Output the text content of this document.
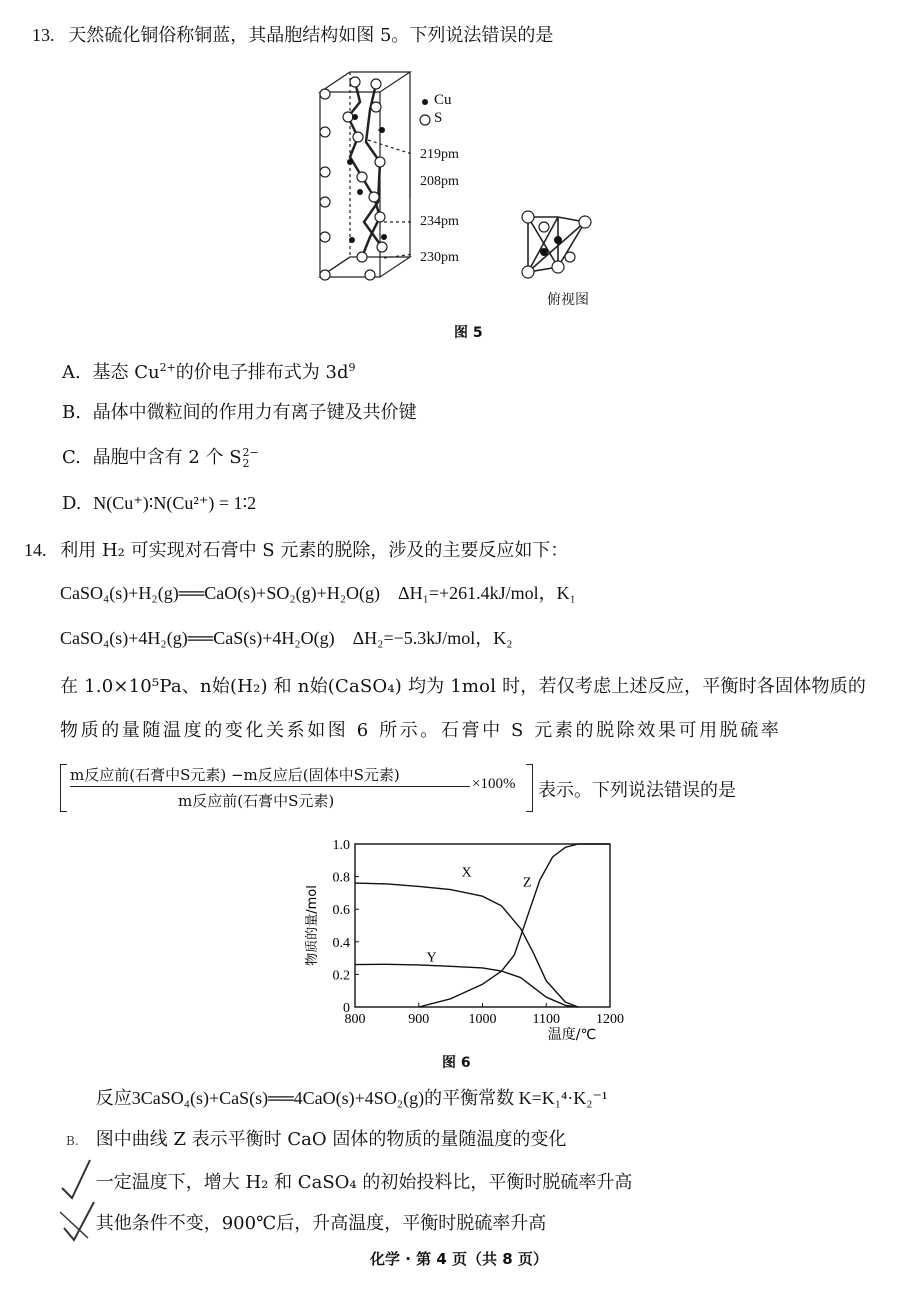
13. 天然硫化铜俗称铜蓝，其晶胞结构如图 5。下列说法错误的是
Cu
S
219pm
208pm
234pm
230pm
俯视图
图 5
A. 基态 $Cu^{2+}$的价电子排布式为 $3d^9$
B. 晶体中微粒间的作用力有离子键及共价键
C. 晶胞中含有 2 个 S 2−
2
D. N(Cu⁺)∶N(Cu²⁺) = 1∶2
14. 利用 H₂ 可实现对石膏中 S 元素的脱除，涉及的主要反应如下：
CaSO₄(s)+H₂(g)══CaO(s)+SO₂(g)+H₂O(g)　ΔH₁=+261.4kJ/mol，K₁
CaSO₄(s)+4H₂(g)══CaS(s)+4H₂O(g)　ΔH₂=−5.3kJ/mol，K₂
在 1.0×10⁵Pa、n始(H₂) 和 n始(CaSO₄) 均为 1mol 时，若仅考虑上述反应，平衡时各固体物质的
物质的量随温度的变化关系如图 6 所示。石膏中 S 元素的脱除效果可用脱硫率
m反应前(石膏中S元素) −m反应后(固体中S元素)
m反应前(石膏中S元素)
×100% 表示。下列说法错误的是
800	900	1000	1100	1200
0
0.2
0.4
0.6
0.8
1.0
温度/℃
物质的量/mol
X
Y
Z
图 6
反应3CaSO₄(s)+CaS(s)══4CaO(s)+4SO₂(g)的平衡常数 K=K₁⁴·K₂⁻¹
B. 图中曲线 Z 表示平衡时 CaO 固体的物质的量随温度的变化
一定温度下，增大 H₂ 和 CaSO₄ 的初始投料比，平衡时脱硫率升高
其他条件不变，900℃后，升高温度，平衡时脱硫率升高
化学 · 第 4 页（共 8 页）
